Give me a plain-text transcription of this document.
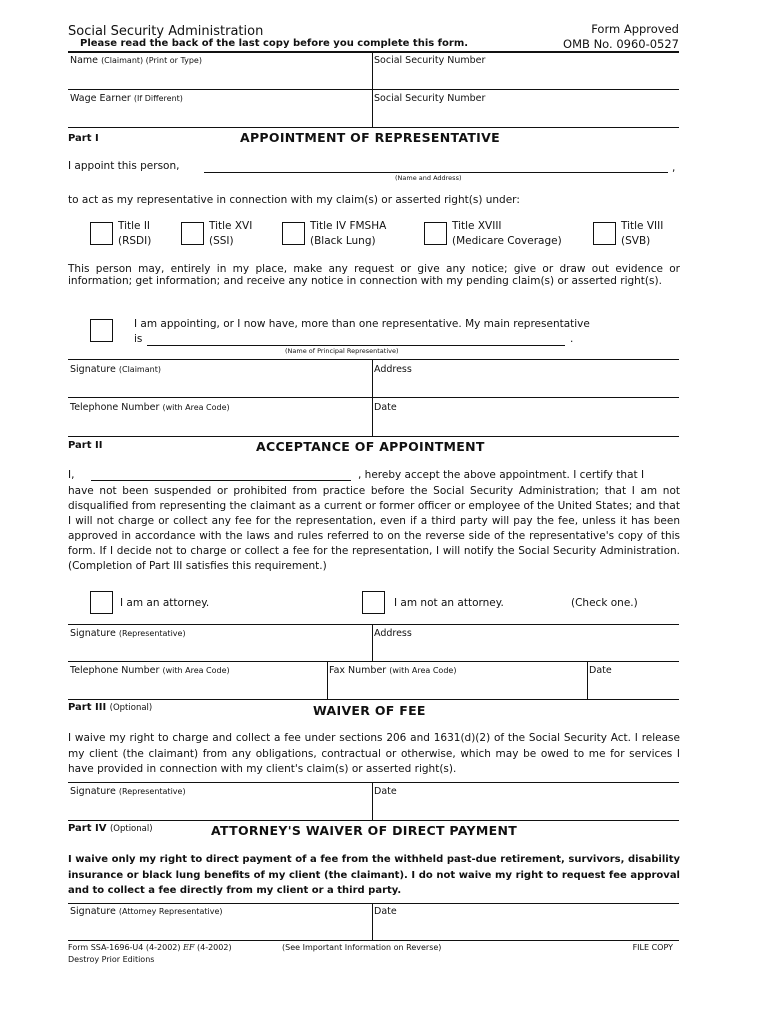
Social Security Administration	Form Approved
Please read the back of the last copy before you complete this form.	OMB No. 0960-0527
Name (Claimant) (Print or Type)	Social Security Number
Wage Earner (If Different)	Social Security Number
Part I	APPOINTMENT OF REPRESENTATIVE
I appoint this person,	,
(Name and Address)
to act as my representative in connection with my claim(s) or asserted right(s) under:
Title II
(RSDI)
Title XVI
(SSI)
Title IV FMSHA
(Black Lung)
Title XVIII
(Medicare Coverage)
Title VIII
(SVB)
This person may, entirely in my place, make any request or give any notice; give or draw out evidence or information; get information; and receive any notice in connection with my pending claim(s) or asserted right(s).
I am appointing, or I now have, more than one representative. My main representative
is	.
(Name of Principal Representative)
Signature (Claimant)	Address
Telephone Number (with Area Code)	Date
Part II	ACCEPTANCE OF APPOINTMENT
I,	, hereby accept the above appointment. I certify that I
have not been suspended or prohibited from practice before the Social Security Administration; that I am not disqualified from representing the claimant as a current or former officer or employee of the United States; and that I will not charge or collect any fee for the representation, even if a third party will pay the fee, unless it has been approved in accordance with the laws and rules referred to on the reverse side of the representative's copy of this form. If I decide not to charge or collect a fee for the representation, I will notify the Social Security Administration. (Completion of Part III satisfies this requirement.)
I am an attorney.	I am not an attorney.	(Check one.)
Signature (Representative)	Address
Telephone Number (with Area Code)	Fax Number (with Area Code)	Date
Part III (Optional)	WAIVER OF FEE
I waive my right to charge and collect a fee under sections 206 and 1631(d)(2) of the Social Security Act. I release my client (the claimant) from any obligations, contractual or otherwise, which may be owed to me for services I have provided in connection with my client's claim(s) or asserted right(s).
Signature (Representative)	Date
Part IV (Optional)	ATTORNEY'S WAIVER OF DIRECT PAYMENT
I waive only my right to direct payment of a fee from the withheld past-due retirement, survivors, disability insurance or black lung benefits of my client (the claimant). I do not waive my right to request fee approval and to collect a fee directly from my client or a third party.
Signature (Attorney Representative)	Date
Form SSA-1696-U4 (4-2002) EF (4-2002)	(See Important Information on Reverse)	FILE COPY
Destroy Prior Editions
